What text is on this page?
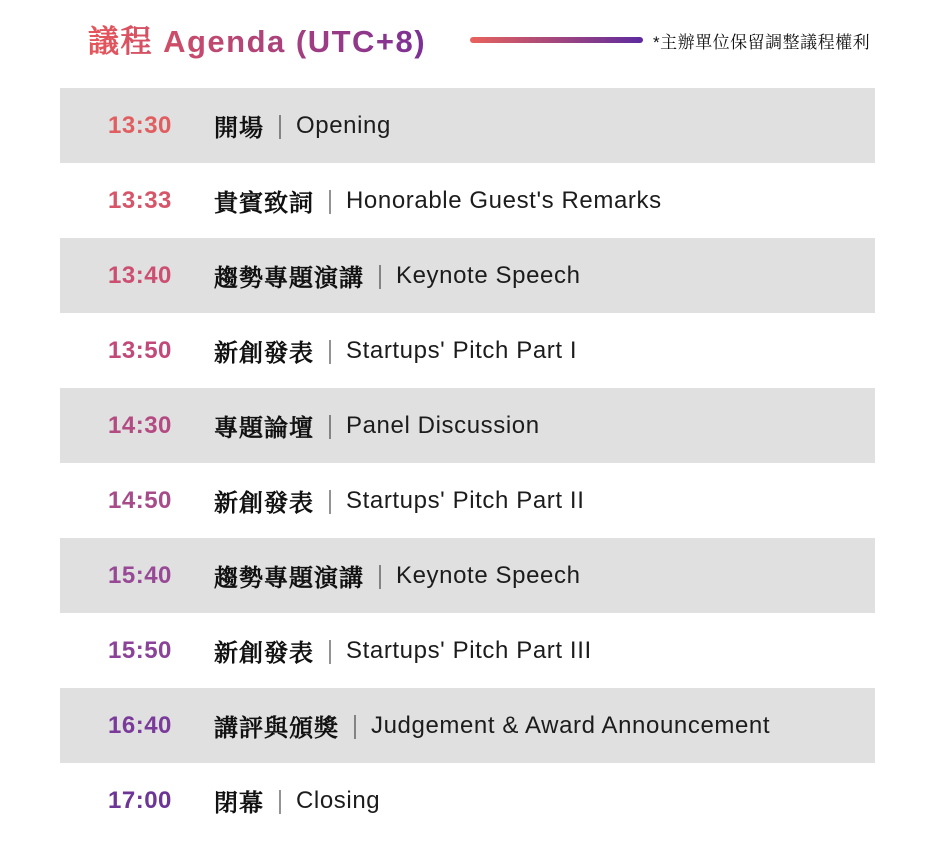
議程 Agenda (UTC+8)	*主辦單位保留調整議程權利
13:30	開場 ｜ Opening
13:33	貴賓致詞 ｜ Honorable Guest's Remarks
13:40	趨勢專題演講 ｜ Keynote Speech
13:50	新創發表 ｜ Startups' Pitch Part I
14:30	專題論壇 ｜ Panel Discussion
14:50	新創發表 ｜ Startups' Pitch Part II
15:40	趨勢專題演講 ｜ Keynote Speech
15:50	新創發表 ｜ Startups' Pitch Part III
16:40	講評與頒獎 ｜ Judgement & Award Announcement
17:00	閉幕 ｜ Closing
